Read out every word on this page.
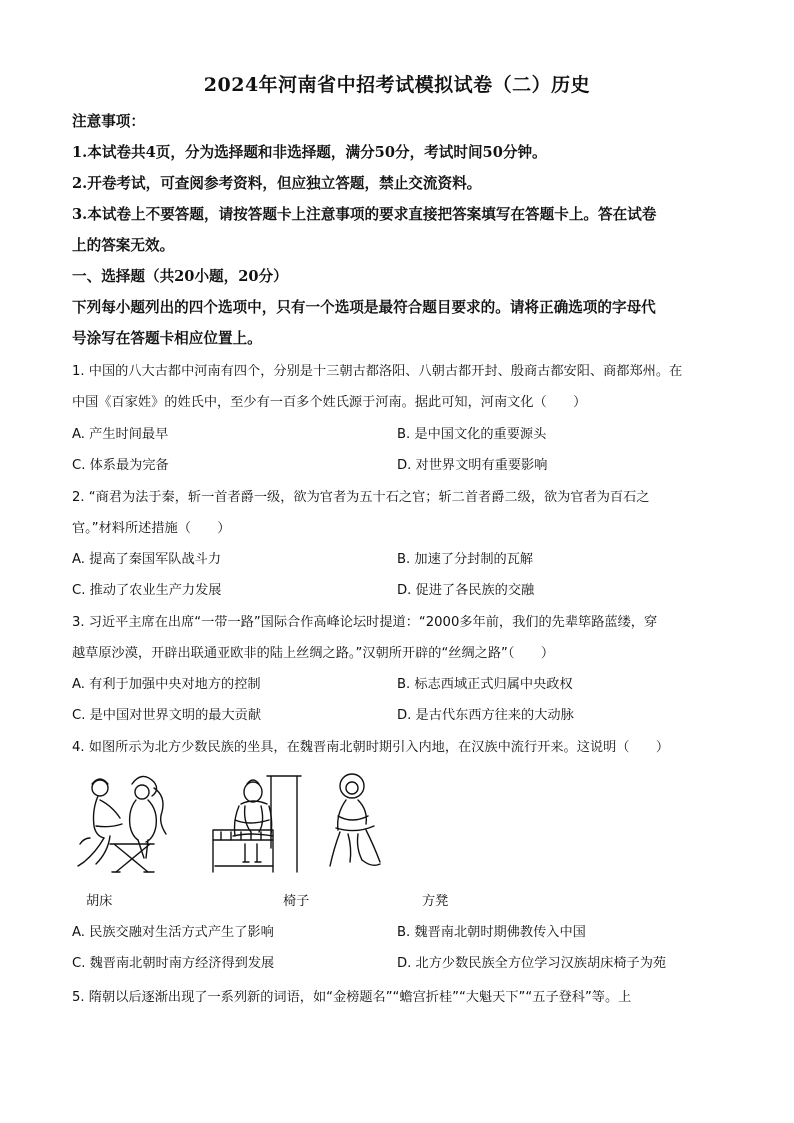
2024年河南省中招考试模拟试卷（二）历史
注意事项：
1.本试卷共4页，分为选择题和非选择题，满分50分，考试时间50分钟。
2.开卷考试，可查阅参考资料，但应独立答题，禁止交流资料。
3.本试卷上不要答题，请按答题卡上注意事项的要求直接把答案填写在答题卡上。答在试卷
上的答案无效。
一、选择题（共20小题，20分）
下列每小题列出的四个选项中，只有一个选项是最符合题目要求的。请将正确选项的字母代
号涂写在答题卡相应位置上。
1. 中国的八大古都中河南有四个，分别是十三朝古都洛阳、八朝古都开封、殷商古都安阳、商都郑州。在
中国《百家姓》的姓氏中，至少有一百多个姓氏源于河南。据此可知，河南文化（　　）
A. 产生时间最早	B. 是中国文化的重要源头
C. 体系最为完备	D. 对世界文明有重要影响
2. “商君为法于秦，斩一首者爵一级，欲为官者为五十石之官；斩二首者爵二级，欲为官者为百石之
官。”材料所述措施（　　）
A. 提高了秦国军队战斗力	B. 加速了分封制的瓦解
C. 推动了农业生产力发展	D. 促进了各民族的交融
3. 习近平主席在出席“一带一路”国际合作高峰论坛时提道：“2000多年前，我们的先辈筚路蓝缕，穿
越草原沙漠，开辟出联通亚欧非的陆上丝绸之路。”汉朝所开辟的“丝绸之路”（　　）
A. 有利于加强中央对地方的控制	B. 标志西域正式归属中央政权
C. 是中国对世界文明的最大贡献	D. 是古代东西方往来的大动脉
4. 如图所示为北方少数民族的坐具，在魏晋南北朝时期引入内地，在汉族中流行开来。这说明（　　）
胡床	椅子	方凳
A. 民族交融对生活方式产生了影响	B. 魏晋南北朝时期佛教传入中国
C. 魏晋南北朝时南方经济得到发展	D. 北方少数民族全方位学习汉族胡床椅子为苑
5. 隋朝以后逐渐出现了一系列新的词语，如“金榜题名”“蟾宫折桂”“大魁天下”“五子登科”等。上
